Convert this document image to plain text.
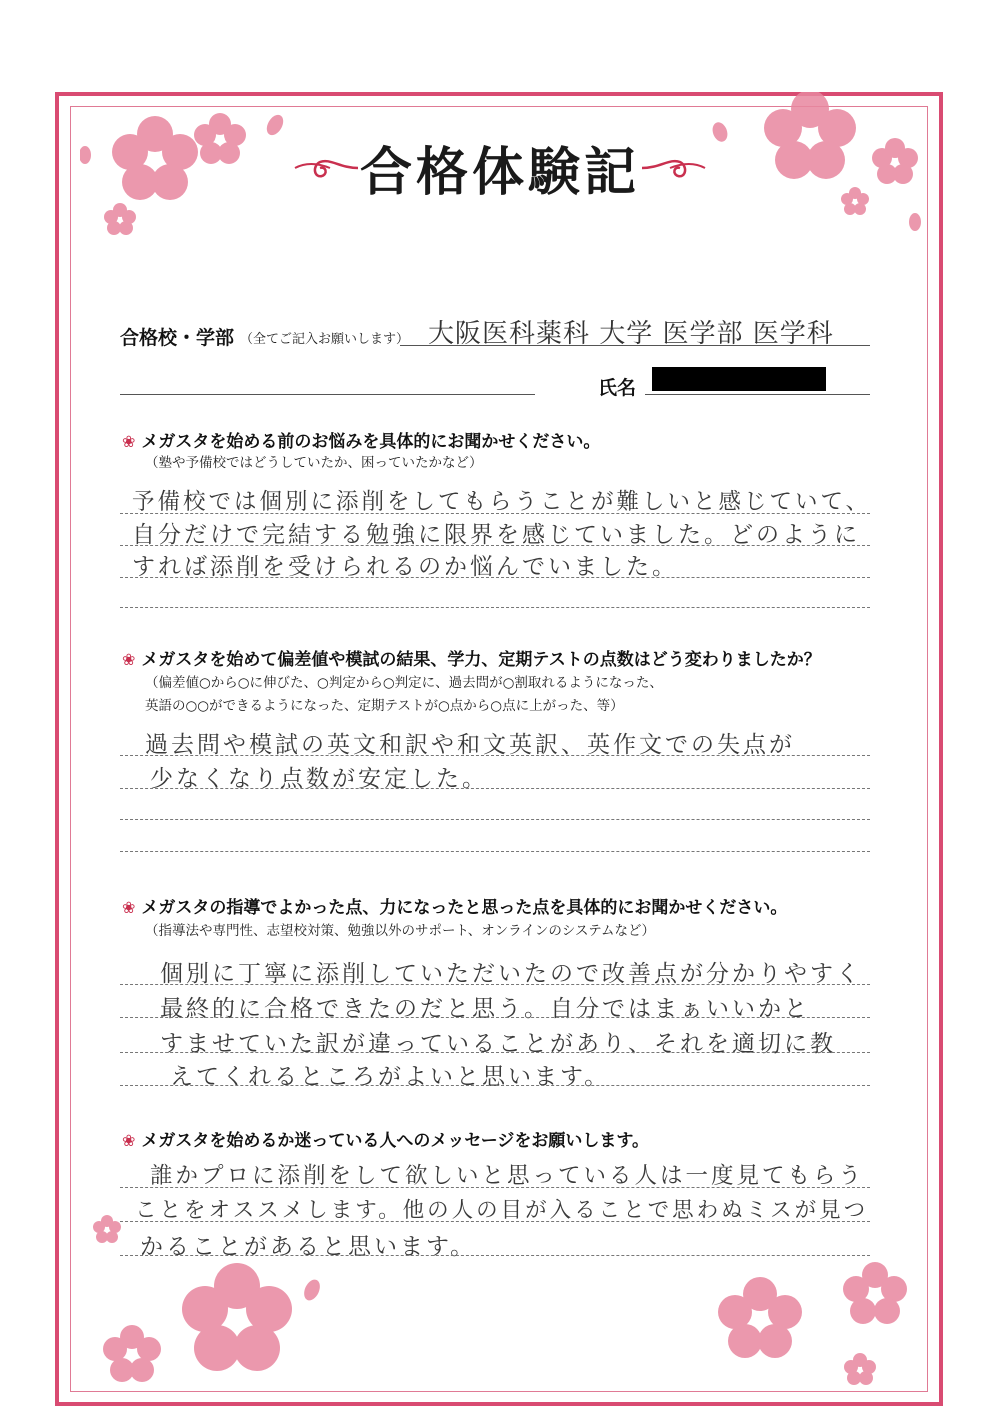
合格体験記
合格校・学部 （全てご記入お願いします） 大阪医科薬科 大学 医学部 医学科
氏名
❀ メガスタを始める前のお悩みを具体的にお聞かせください。
（塾や予備校ではどうしていたか、困っていたかなど）
予備校では個別に添削をしてもらうことが難しいと感じていて、
自分だけで完結する勉強に限界を感じていました。どのように
すれば添削を受けられるのか悩んでいました。
❀ メガスタを始めて偏差値や模試の結果、学力、定期テストの点数はどう変わりましたか？
（偏差値○から○に伸びた、○判定から○判定に、過去問が○割取れるようになった、
英語の○○ができるようになった、定期テストが○点から○点に上がった、等）
過去問や模試の英文和訳や和文英訳、英作文での失点が
少なくなり点数が安定した。
❀ メガスタの指導でよかった点、力になったと思った点を具体的にお聞かせください。
（指導法や専門性、志望校対策、勉強以外のサポート、オンラインのシステムなど）
個別に丁寧に添削していただいたので改善点が分かりやすく
最終的に合格できたのだと思う。自分ではまぁいいかと
すませていた訳が違っていることがあり、それを適切に教
えてくれるところがよいと思います。
❀ メガスタを始めるか迷っている人へのメッセージをお願いします。
誰かプロに添削をして欲しいと思っている人は一度見てもらう
ことをオススメします。他の人の目が入ることで思わぬミスが見つ
かることがあると思います。
